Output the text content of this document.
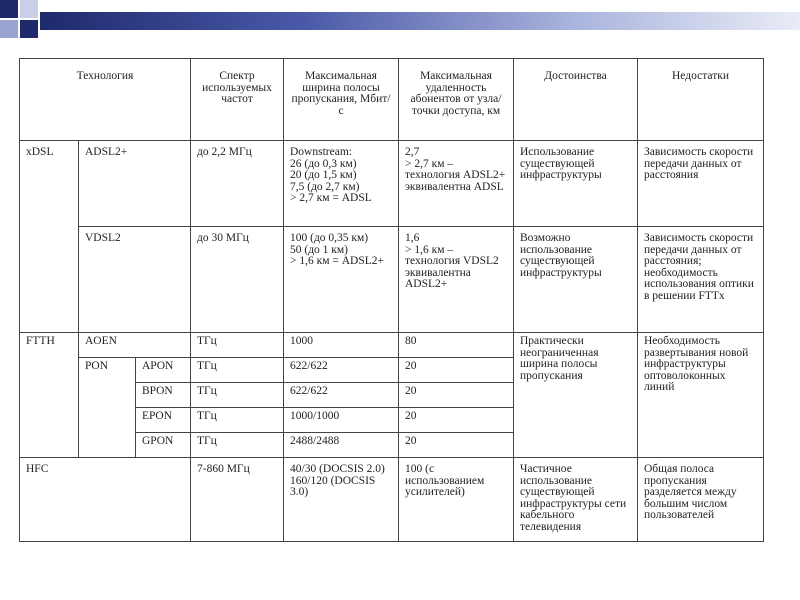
Технология			Спектр используемых частот	Максимальная ширина полосы пропускания, Мбит/с	Максимальная удаленность абонентов от узла/точки доступа, км	Достоинства	Недостатки
xDSL	ADSL2+		до 2,2 МГц	Downstream:
26 (до 0,3 км)
20 (до 1,5 км)
7,5 (до 2,7 км)
> 2,7 км = ADSL	2,7
> 2,7 км – технология ADSL2+ эквивалентна ADSL	Использование существующей инфраструктуры	Зависимость скорости передачи данных от расстояния
	VDSL2		до 30 МГц	100 (до 0,35 км)
50 (до 1 км)
> 1,6 км = ADSL2+	1,6
> 1,6 км – технология VDSL2 эквивалентна ADSL2+	Возможно использование существующей инфраструктуры	Зависимость скорости передачи данных от расстояния; необходимость использования оптики в решении FTTx
FTTH	AOEN		ТГц	1000	80	Практически неограниченная ширина полосы пропускания	Необходимость развертывания новой инфраструктуры оптоволоконных линий
	PON	APON	ТГц	622/622	20		
		BPON	ТГц	622/622	20		
		EPON	ТГц	1000/1000	20		
		GPON	ТГц	2488/2488	20		
HFC			7-860 МГц	40/30 (DOCSIS 2.0)
160/120 (DOCSIS 3.0)	100 (с использованием усилителей)	Частичное использование существующей инфраструктуры сети кабельного телевидения	Общая полоса пропускания разделяется между большим числом пользователей
